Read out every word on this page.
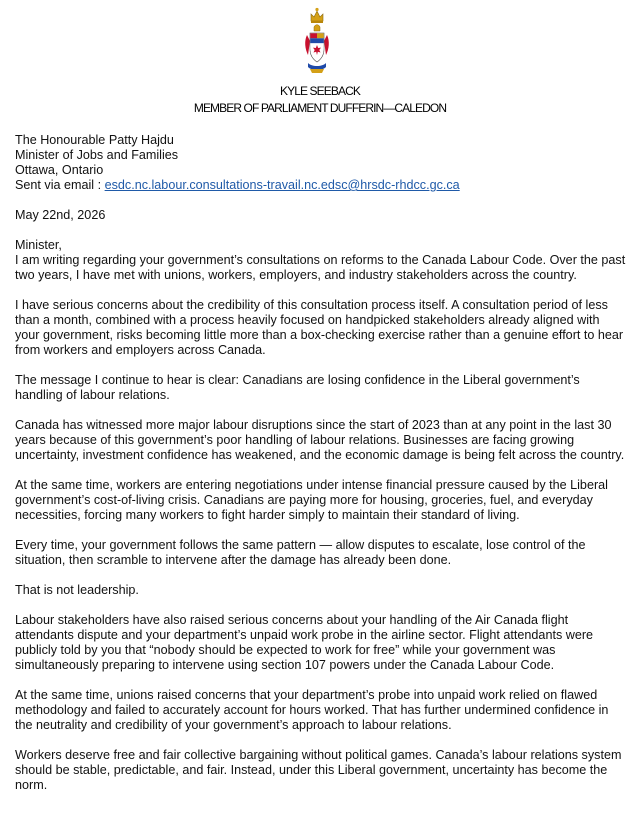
KYLE SEEBACK
MEMBER OF PARLIAMENT DUFFERIN—CALEDON

The Honourable Patty Hajdu

Minister of Jobs and Families

Ottawa, Ontario

Sent via email : esdc.nc.labour.consultations-travail.nc.edsc@hrsdc-rhdcc.gc.ca

May 22nd, 2026

Minister,

I am writing regarding your government’s consultations on reforms to the Canada Labour Code. Over the past two years, I have met with unions, workers, employers, and industry stakeholders across the country.

I have serious concerns about the credibility of this consultation process itself. A consultation period of less than a month, combined with a process heavily focused on handpicked stakeholders already aligned with your government, risks becoming little more than a box-checking exercise rather than a genuine effort to hear from workers and employers across Canada.

The message I continue to hear is clear: Canadians are losing confidence in the Liberal government’s handling of labour relations.

Canada has witnessed more major labour disruptions since the start of 2023 than at any point in the last 30 years because of this government’s poor handling of labour relations. Businesses are facing growing uncertainty, investment confidence has weakened, and the economic damage is being felt across the country.

At the same time, workers are entering negotiations under intense financial pressure caused by the Liberal government’s cost-of-living crisis. Canadians are paying more for housing, groceries, fuel, and everyday necessities, forcing many workers to fight harder simply to maintain their standard of living.

Every time, your government follows the same pattern — allow disputes to escalate, lose control of the situation, then scramble to intervene after the damage has already been done.

That is not leadership.

Labour stakeholders have also raised serious concerns about your handling of the Air Canada flight attendants dispute and your department’s unpaid work probe in the airline sector. Flight attendants were publicly told by you that “nobody should be expected to work for free” while your government was simultaneously preparing to intervene using section 107 powers under the Canada Labour Code.

At the same time, unions raised concerns that your department’s probe into unpaid work relied on flawed methodology and failed to accurately account for hours worked. That has further undermined confidence in the neutrality and credibility of your government’s approach to labour relations.

Workers deserve free and fair collective bargaining without political games. Canada’s labour relations system should be stable, predictable, and fair. Instead, under this Liberal government, uncertainty has become the norm.
